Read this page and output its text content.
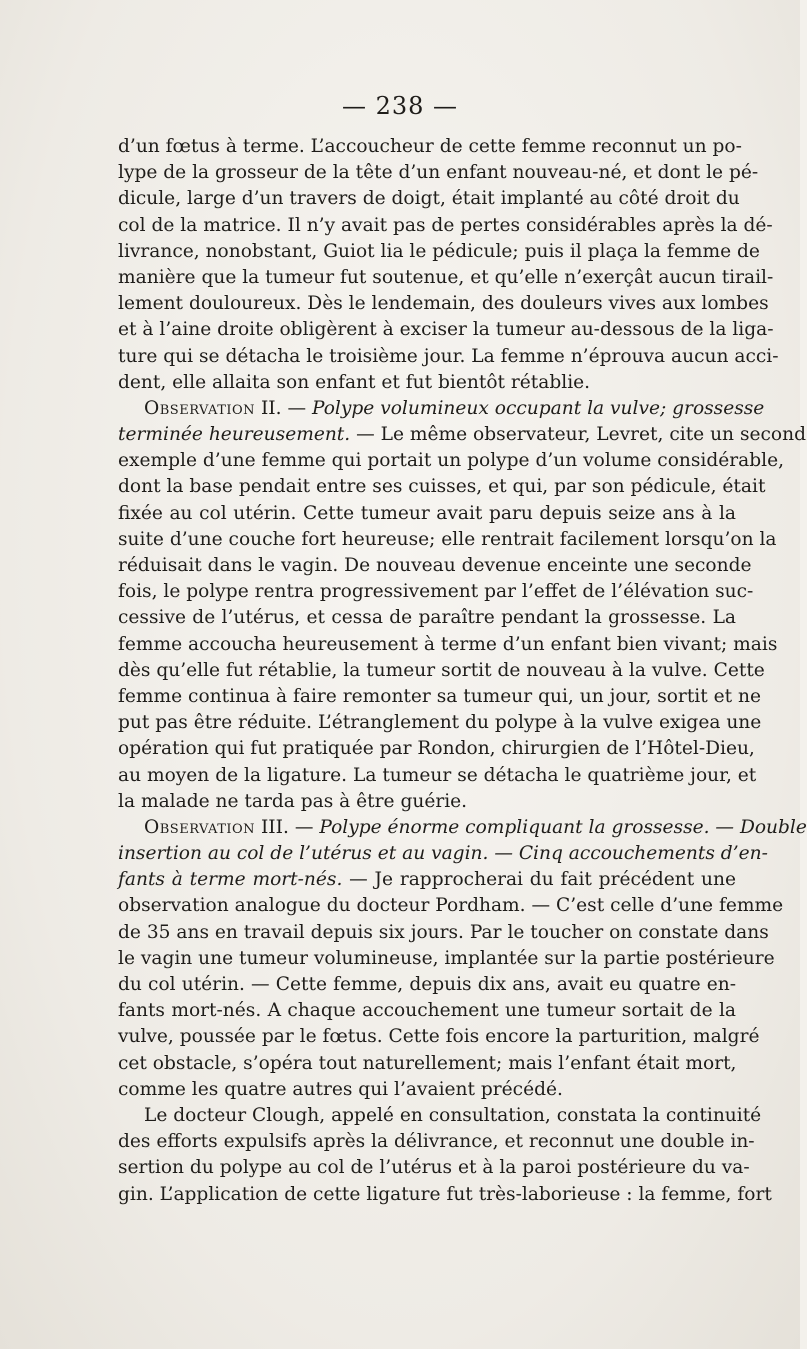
— 238 —
d’un fœtus à terme. L’accoucheur de cette femme reconnut un po-
lype de la grosseur de la tête d’un enfant nouveau-né, et dont le pé-
dicule, large d’un travers de doigt, était implanté au côté droit du
col de la matrice. Il n’y avait pas de pertes considérables après la dé-
livrance, nonobstant, Guiot lia le pédicule; puis il plaça la femme de
manière que la tumeur fut soutenue, et qu’elle n’exerçât aucun tirail-
lement douloureux. Dès le lendemain, des douleurs vives aux lombes
et à l’aine droite obligèrent à exciser la tumeur au-dessous de la liga-
ture qui se détacha le troisième jour. La femme n’éprouva aucun acci-
dent, elle allaita son enfant et fut bientôt rétablie.
Observation II. — Polype volumineux occupant la vulve; grossesse
terminée heureusement. — Le même observateur, Levret, cite un second
exemple d’une femme qui portait un polype d’un volume considérable,
dont la base pendait entre ses cuisses, et qui, par son pédicule, était
fixée au col utérin. Cette tumeur avait paru depuis seize ans à la
suite d’une couche fort heureuse; elle rentrait facilement lorsqu’on la
réduisait dans le vagin. De nouveau devenue enceinte une seconde
fois, le polype rentra progressivement par l’effet de l’élévation suc-
cessive de l’utérus, et cessa de paraître pendant la grossesse. La
femme accoucha heureusement à terme d’un enfant bien vivant; mais
dès qu’elle fut rétablie, la tumeur sortit de nouveau à la vulve. Cette
femme continua à faire remonter sa tumeur qui, un jour, sortit et ne
put pas être réduite. L’étranglement du polype à la vulve exigea une
opération qui fut pratiquée par Rondon, chirurgien de l’Hôtel-Dieu,
au moyen de la ligature. La tumeur se détacha le quatrième jour, et
la malade ne tarda pas à être guérie.
Observation III. — Polype énorme compliquant la grossesse. — Double
insertion au col de l’utérus et au vagin. — Cinq accouchements d’en-
fants à terme mort-nés. — Je rapprocherai du fait précédent une
observation analogue du docteur Pordham. — C’est celle d’une femme
de 35 ans en travail depuis six jours. Par le toucher on constate dans
le vagin une tumeur volumineuse, implantée sur la partie postérieure
du col utérin. — Cette femme, depuis dix ans, avait eu quatre en-
fants mort-nés. A chaque accouchement une tumeur sortait de la
vulve, poussée par le fœtus. Cette fois encore la parturition, malgré
cet obstacle, s’opéra tout naturellement; mais l’enfant était mort,
comme les quatre autres qui l’avaient précédé.
Le docteur Clough, appelé en consultation, constata la continuité
des efforts expulsifs après la délivrance, et reconnut une double in-
sertion du polype au col de l’utérus et à la paroi postérieure du va-
gin. L’application de cette ligature fut très-laborieuse : la femme, fort
